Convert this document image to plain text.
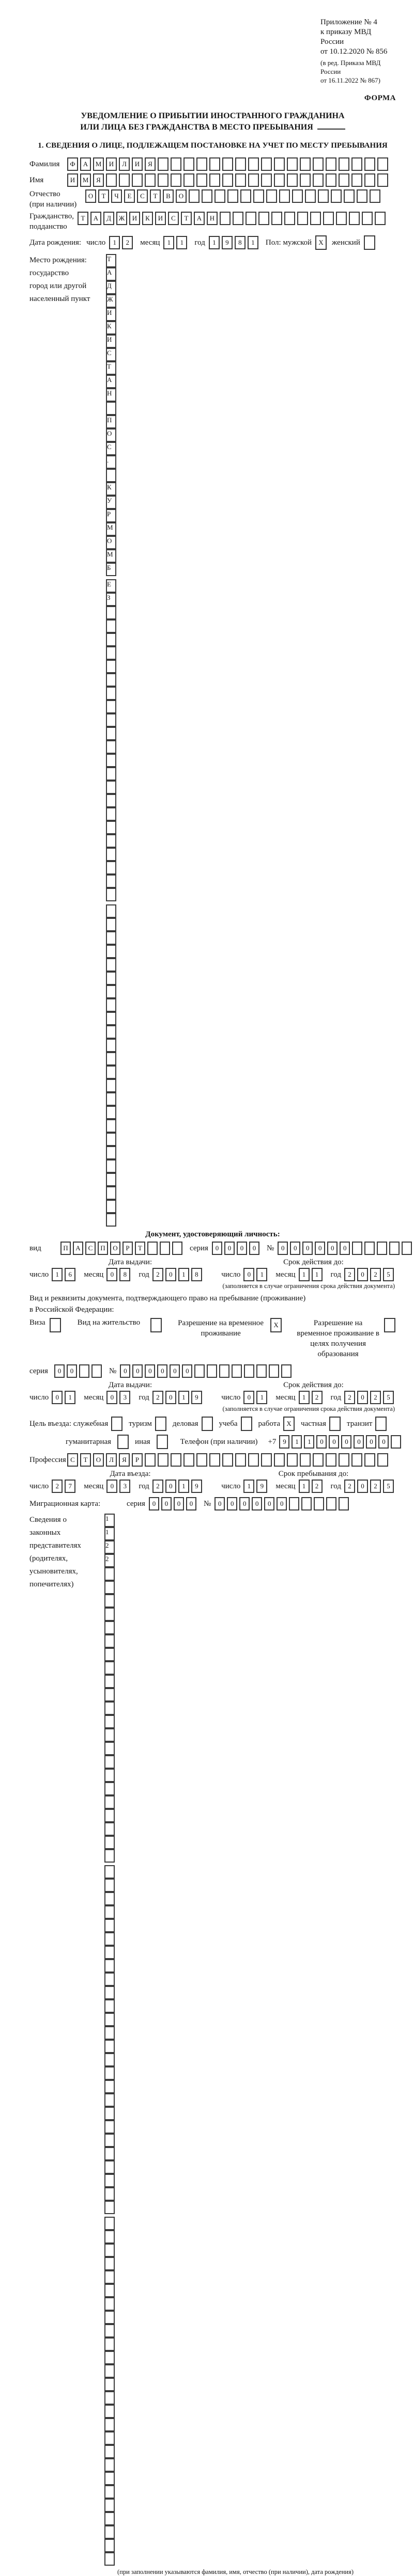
Приложение № 4
к приказу МВД России
от 10.12.2020 № 856
(в ред. Приказа МВД России
от 16.11.2022 № 867)
ФОРМА
УВЕДОМЛЕНИЕ О ПРИБЫТИИ ИНОСТРАННОГО ГРАЖДАНИНА
ИЛИ ЛИЦА БЕЗ ГРАЖДАНСТВА В МЕСТО ПРЕБЫВАНИЯ
1. СВЕДЕНИЯ О ЛИЦЕ, ПОДЛЕЖАЩЕМ ПОСТАНОВКЕ НА УЧЕТ ПО МЕСТУ ПРЕБЫВАНИЯ
Фамилия	Ф	А	М	И	Л	И	Я
Имя	И	М	Я
Отчество
(при наличии)
О	Т	Ч	Е	С	Т	В	О
Гражданство,
подданство
Т	А	Д	Ж	И	К	И	С	Т	А	Н
Дата рождения: число	1	2	месяц	1	1	год	1	9	8	1	Пол: мужской	X	женский
Место рождения:
государство
город или другой
населенный пункт
Т
А
Д
Ж
И
К
И
С
Т
А
Н
П
О
С
.
К
У
Р
М
О
М
Б
Е
З
Документ, удостоверяющий личность:
вид	П	А	С	П	О	Р	Т	серия	0	0	0	0	№	0	0	0	0	0	0
Дата выдачи:	Срок действия до:
число	1	6	месяц	0	8	год	2	0	1	8	число	0	1	месяц	1	1	год	2	0	2	5
(заполняется в случае ограничения срока действия документа)
Вид и реквизиты документа, подтверждающего право на пребывание (проживание)
в Российской Федерации:
Виза	Вид на жительство	Разрешение на временное проживание
X	Разрешение на временное проживание в целях получения образования
серия	0	0	№	0	0	0	0	0	0
Дата выдачи:	Срок действия до:
число	0	1	месяц	0	3	год	2	0	1	9	число	0	1	месяц	1	2	год	2	0	2	5
(заполняется в случае ограничения срока действия документа)
Цель въезда: служебная	туризм	деловая	учеба	работа X	частная	транзит
гуманитарная	иная	Телефон (при наличии) +7 9	1	1	0	0	0	0	0	0
Профессия С	Т	О	Л	Я	Р
Дата въезда:	Срок пребывания до:
число	2	7	месяц	0	3	год	2	0	1	9	число	1	9	месяц	1	2	год	2	0	2	5
Миграционная карта:	серия	0	0	0	0	№	0	0	0	0	0	0
Сведения о
законных
представителях
(родителях,
усыновителях,
попечителях)
1
1
2
2
(при заполнении указываются фамилия, имя, отчество (при наличии), дата рождения)
